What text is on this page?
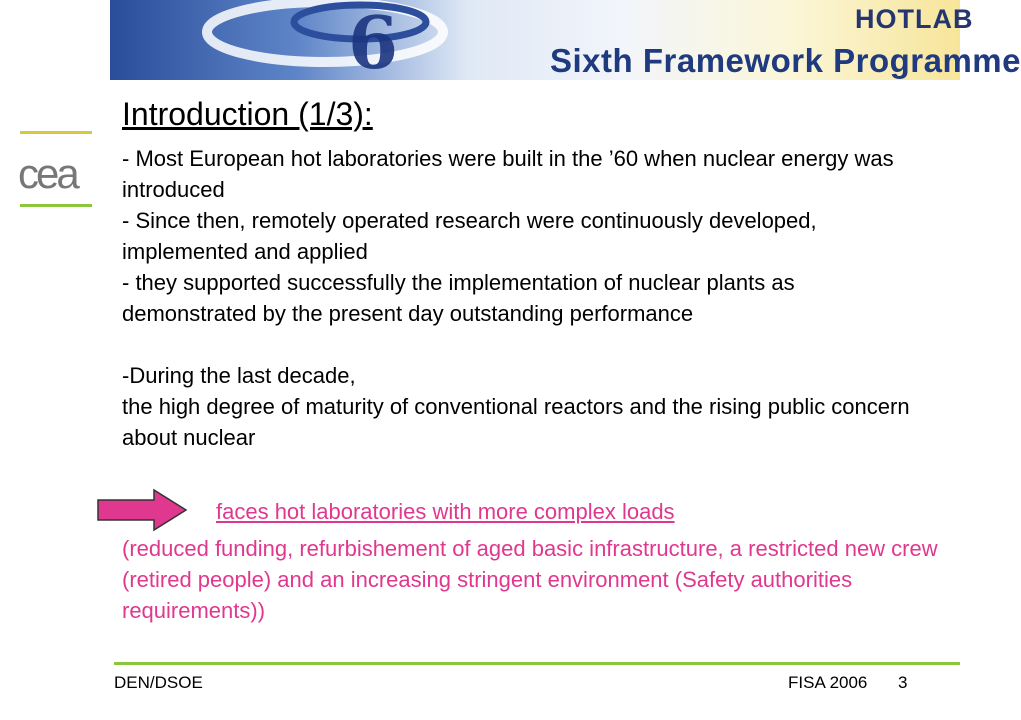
6	HOTLAB
Sixth Framework Programme
cea
Introduction (1/3):

- Most European hot laboratories were built in the ’60 when nuclear energy was introduced

- Since then, remotely operated research were continuously developed, implemented and applied

- they supported successfully the implementation of nuclear plants as demonstrated by the present day outstanding performance

-During the last decade,

the high degree of maturity of conventional reactors and the rising public concern about nuclear

faces hot laboratories with more complex loads

(reduced funding, refurbishement of aged basic infrastructure, a restricted new crew (retired people) and an increasing stringent environment (Safety authorities requirements))

DEN/DSOE	FISA 2006 3
